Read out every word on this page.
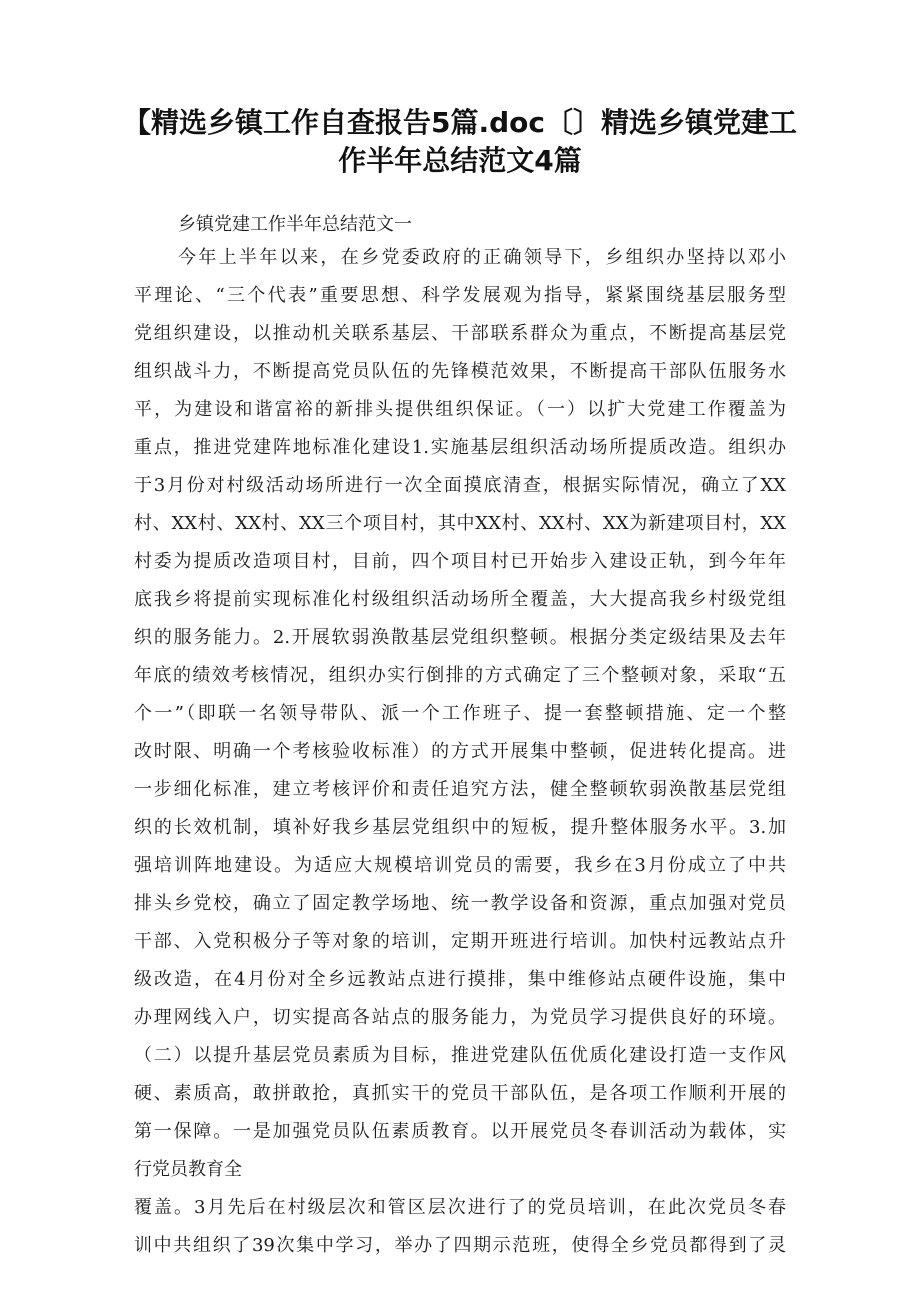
【精选乡镇工作自查报告5篇.doc〔〕精选乡镇党建工
作半年总结范文4篇
乡镇党建工作半年总结范文一
今年上半年以来，在乡党委政府的正确领导下，乡组织办坚持以邓小
平理论、“三个代表”重要思想、科学发展观为指导，紧紧围绕基层服务型
党组织建设，以推动机关联系基层、干部联系群众为重点，不断提高基层党
组织战斗力，不断提高党员队伍的先锋模范效果，不断提高干部队伍服务水
平，为建设和谐富裕的新排头提供组织保证。（一）以扩大党建工作覆盖为
重点，推进党建阵地标准化建设1.实施基层组织活动场所提质改造。组织办
于3月份对村级活动场所进行一次全面摸底清查，根据实际情况，确立了XX
村、XX村、XX村、XX三个项目村，其中XX村、XX村、XX为新建项目村，XX
村委为提质改造项目村，目前，四个项目村已开始步入建设正轨，到今年年
底我乡将提前实现标准化村级组织活动场所全覆盖，大大提高我乡村级党组
织的服务能力。2.开展软弱涣散基层党组织整顿。根据分类定级结果及去年
年底的绩效考核情况，组织办实行倒排的方式确定了三个整顿对象，采取“五
个一”（即联一名领导带队、派一个工作班子、提一套整顿措施、定一个整
改时限、明确一个考核验收标准）的方式开展集中整顿，促进转化提高。进
一步细化标准，建立考核评价和责任追究方法，健全整顿软弱涣散基层党组
织的长效机制，填补好我乡基层党组织中的短板，提升整体服务水平。3.加
强培训阵地建设。为适应大规模培训党员的需要，我乡在3月份成立了中共
排头乡党校，确立了固定教学场地、统一教学设备和资源，重点加强对党员
干部、入党积极分子等对象的培训，定期开班进行培训。加快村远教站点升
级改造，在4月份对全乡远教站点进行摸排，集中维修站点硬件设施，集中
办理网线入户，切实提高各站点的服务能力，为党员学习提供良好的环境。
（二）以提升基层党员素质为目标，推进党建队伍优质化建设打造一支作风
硬、素质高，敢拼敢抢，真抓实干的党员干部队伍，是各项工作顺利开展的
第一保障。一是加强党员队伍素质教育。以开展党员冬春训活动为载体，实
行党员教育全
覆盖。3月先后在村级层次和管区层次进行了的党员培训，在此次党员冬春
训中共组织了39次集中学习，举办了四期示范班，使得全乡党员都得到了灵
